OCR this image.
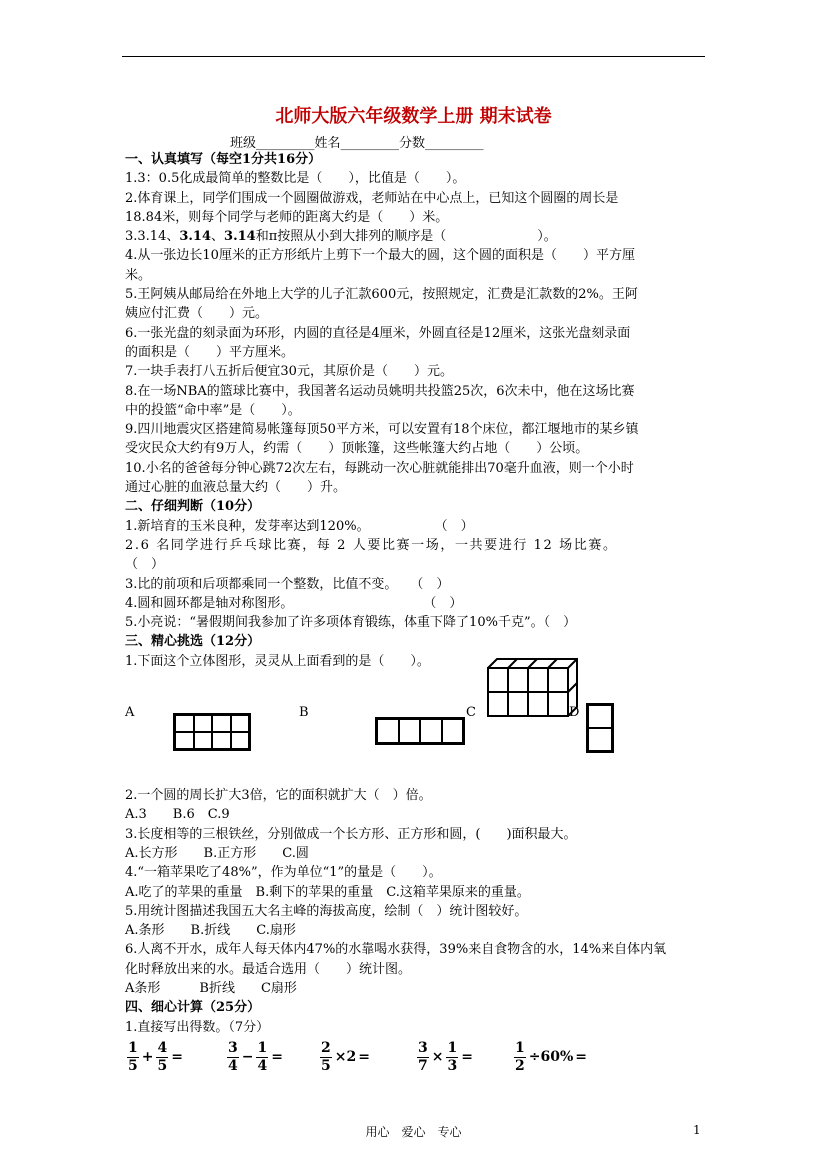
北师大版六年级数学上册 期末试卷
班级_________姓名_________分数_________
一、认真填写（每空1分共16分）
1.3：0.5化成最简单的整数比是（　　），比值是（　　）。
2.体育课上，同学们围成一个圆圈做游戏，老师站在中心点上，已知这个圆圈的周长是
18.84米，则每个同学与老师的距离大约是（　　）米。
3.3.14、3.14、3.14和π按照从小到大排列的顺序是（　　　　　　　）。
4.从一张边长10厘米的正方形纸片上剪下一个最大的圆，这个圆的面积是（　　）平方厘
米。
5.王阿姨从邮局给在外地上大学的儿子汇款600元，按照规定，汇费是汇款数的2%。王阿
姨应付汇费（　　）元。
6.一张光盘的刻录面为环形，内圆的直径是4厘米，外圆直径是12厘米，这张光盘刻录面
的面积是（　　）平方厘米。
7.一块手表打八五折后便宜30元，其原价是（　　）元。
8.在一场NBA的篮球比赛中，我国著名运动员姚明共投篮25次，6次未中，他在这场比赛
中的投篮“命中率”是（　　）。
9.四川地震灾区搭建简易帐篷每顶50平方米，可以安置有18个床位，都江堰地市的某乡镇
受灾民众大约有9万人，约需（　　）顶帐篷，这些帐篷大约占地（　　）公顷。
10.小名的爸爸每分钟心跳72次左右，每跳动一次心脏就能排出70毫升血液，则一个小时
通过心脏的血液总量大约（　　）升。
二、仔细判断（10分）
1.新培育的玉米良种，发芽率达到120%。　　　　　　（　）
2.6 名同学进行乒乓球比赛，每 2 人要比赛一场，一共要进行 12 场比赛。
（　）
3.比的前项和后项都乘同一个整数，比值不变。　　（　）
4.圆和圆环都是轴对称图形。　　　　　　　　　　　（　）
5.小亮说：“暑假期间我参加了许多项体育锻练，体重下降了10%千克”。（　）
三、精心挑选（12分）
1.下面这个立体图形，灵灵从上面看到的是（　　）。
A	B	C	D
2.一个圆的周长扩大3倍，它的面积就扩大（　）倍。
A.3　　B.6　C.9
3.长度相等的三根铁丝，分别做成一个长方形、正方形和圆，(　　)面积最大。
A.长方形　　B.正方形　　C.圆
4.“一箱苹果吃了48%”，作为单位“1”的量是（　　）。
A.吃了的苹果的重量　B.剩下的苹果的重量　C.这箱苹果原来的重量。
5.用统计图描述我国五大名主峰的海拔高度，绘制（　）统计图较好。
A.条形　　B.折线　　C.扇形
6.人离不开水，成年人每天体内47%的水靠喝水获得，39%来自食物含的水，14%来自体内氧
化时释放出来的水。最适合选用（　　）统计图。
A条形　　　B折线　　C扇形
四、细心计算（25分）
1.直接写出得数。（7分）
$\frac{1}{5} + \frac{4}{5}$ =	$\frac{3}{4} - \frac{1}{4}$ =	$\frac{2}{5} \times 2$ =	$\frac{3}{7} \times \frac{1}{3}$ =	$\frac{1}{2} \div 60\%$ =
用心　爱心　专心	1
